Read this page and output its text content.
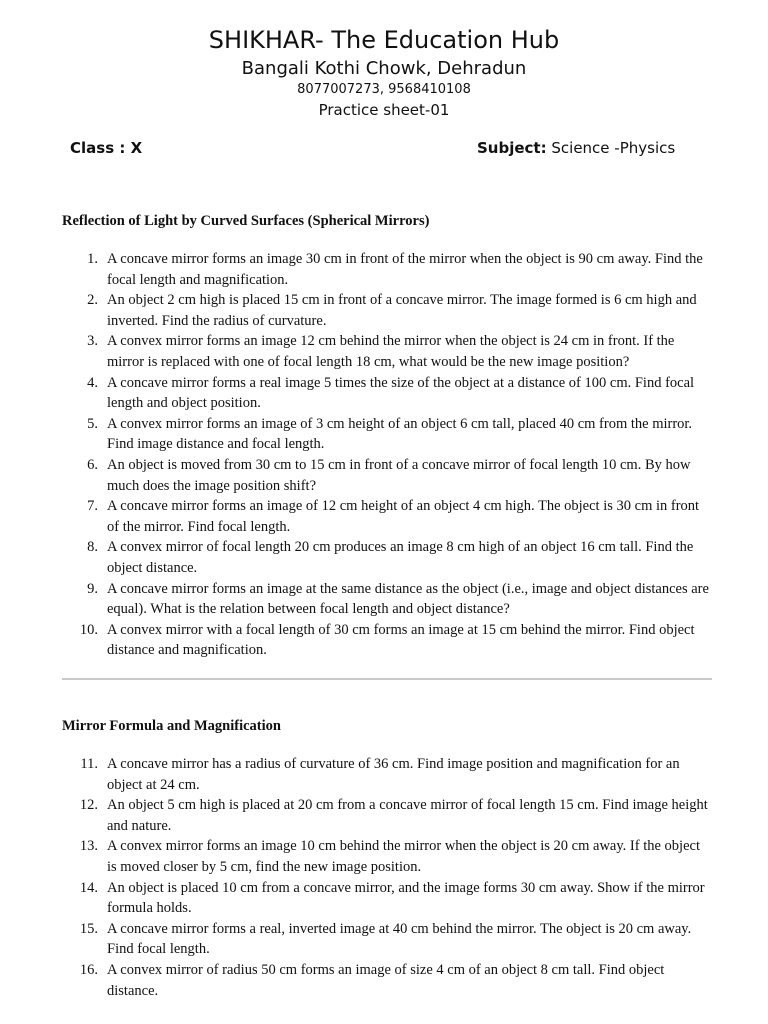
SHIKHAR- The Education Hub
Bangali Kothi Chowk, Dehradun
8077007273, 9568410108
Practice sheet-01
Class : X	Subject: Science -Physics
Reflection of Light by Curved Surfaces (Spherical Mirrors)
1. A concave mirror forms an image 30 cm in front of the mirror when the object is 90 cm away. Find the focal length and magnification.
2. An object 2 cm high is placed 15 cm in front of a concave mirror. The image formed is 6 cm high and inverted. Find the radius of curvature.
3. A convex mirror forms an image 12 cm behind the mirror when the object is 24 cm in front. If the mirror is replaced with one of focal length 18 cm, what would be the new image position?
4. A concave mirror forms a real image 5 times the size of the object at a distance of 100 cm. Find focal length and object position.
5. A convex mirror forms an image of 3 cm height of an object 6 cm tall, placed 40 cm from the mirror. Find image distance and focal length.
6. An object is moved from 30 cm to 15 cm in front of a concave mirror of focal length 10 cm. By how much does the image position shift?
7. A concave mirror forms an image of 12 cm height of an object 4 cm high. The object is 30 cm in front of the mirror. Find focal length.
8. A convex mirror of focal length 20 cm produces an image 8 cm high of an object 16 cm tall. Find the object distance.
9. A concave mirror forms an image at the same distance as the object (i.e., image and object distances are equal). What is the relation between focal length and object distance?
10. A convex mirror with a focal length of 30 cm forms an image at 15 cm behind the mirror. Find object distance and magnification.
Mirror Formula and Magnification
11. A concave mirror has a radius of curvature of 36 cm. Find image position and magnification for an object at 24 cm.
12. An object 5 cm high is placed at 20 cm from a concave mirror of focal length 15 cm. Find image height and nature.
13. A convex mirror forms an image 10 cm behind the mirror when the object is 20 cm away. If the object is moved closer by 5 cm, find the new image position.
14. An object is placed 10 cm from a concave mirror, and the image forms 30 cm away. Show if the mirror formula holds.
15. A concave mirror forms a real, inverted image at 40 cm behind the mirror. The object is 20 cm away. Find focal length.
16. A convex mirror of radius 50 cm forms an image of size 4 cm of an object 8 cm tall. Find object distance.
